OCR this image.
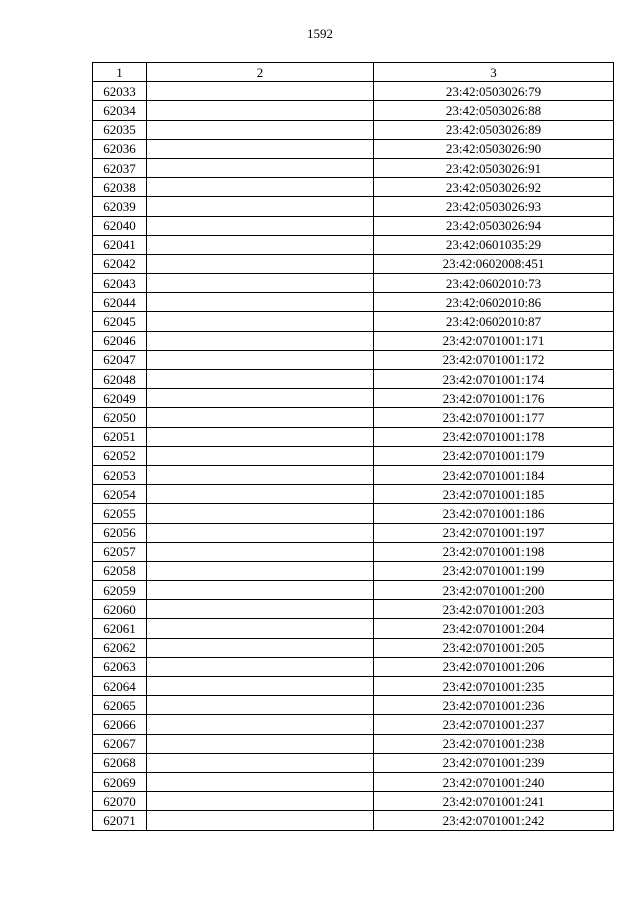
1592
1	2	3
62033		23:42:0503026:79
62034		23:42:0503026:88
62035		23:42:0503026:89
62036		23:42:0503026:90
62037		23:42:0503026:91
62038		23:42:0503026:92
62039		23:42:0503026:93
62040		23:42:0503026:94
62041		23:42:0601035:29
62042		23:42:0602008:451
62043		23:42:0602010:73
62044		23:42:0602010:86
62045		23:42:0602010:87
62046		23:42:0701001:171
62047		23:42:0701001:172
62048		23:42:0701001:174
62049		23:42:0701001:176
62050		23:42:0701001:177
62051		23:42:0701001:178
62052		23:42:0701001:179
62053		23:42:0701001:184
62054		23:42:0701001:185
62055		23:42:0701001:186
62056		23:42:0701001:197
62057		23:42:0701001:198
62058		23:42:0701001:199
62059		23:42:0701001:200
62060		23:42:0701001:203
62061		23:42:0701001:204
62062		23:42:0701001:205
62063		23:42:0701001:206
62064		23:42:0701001:235
62065		23:42:0701001:236
62066		23:42:0701001:237
62067		23:42:0701001:238
62068		23:42:0701001:239
62069		23:42:0701001:240
62070		23:42:0701001:241
62071		23:42:0701001:242
